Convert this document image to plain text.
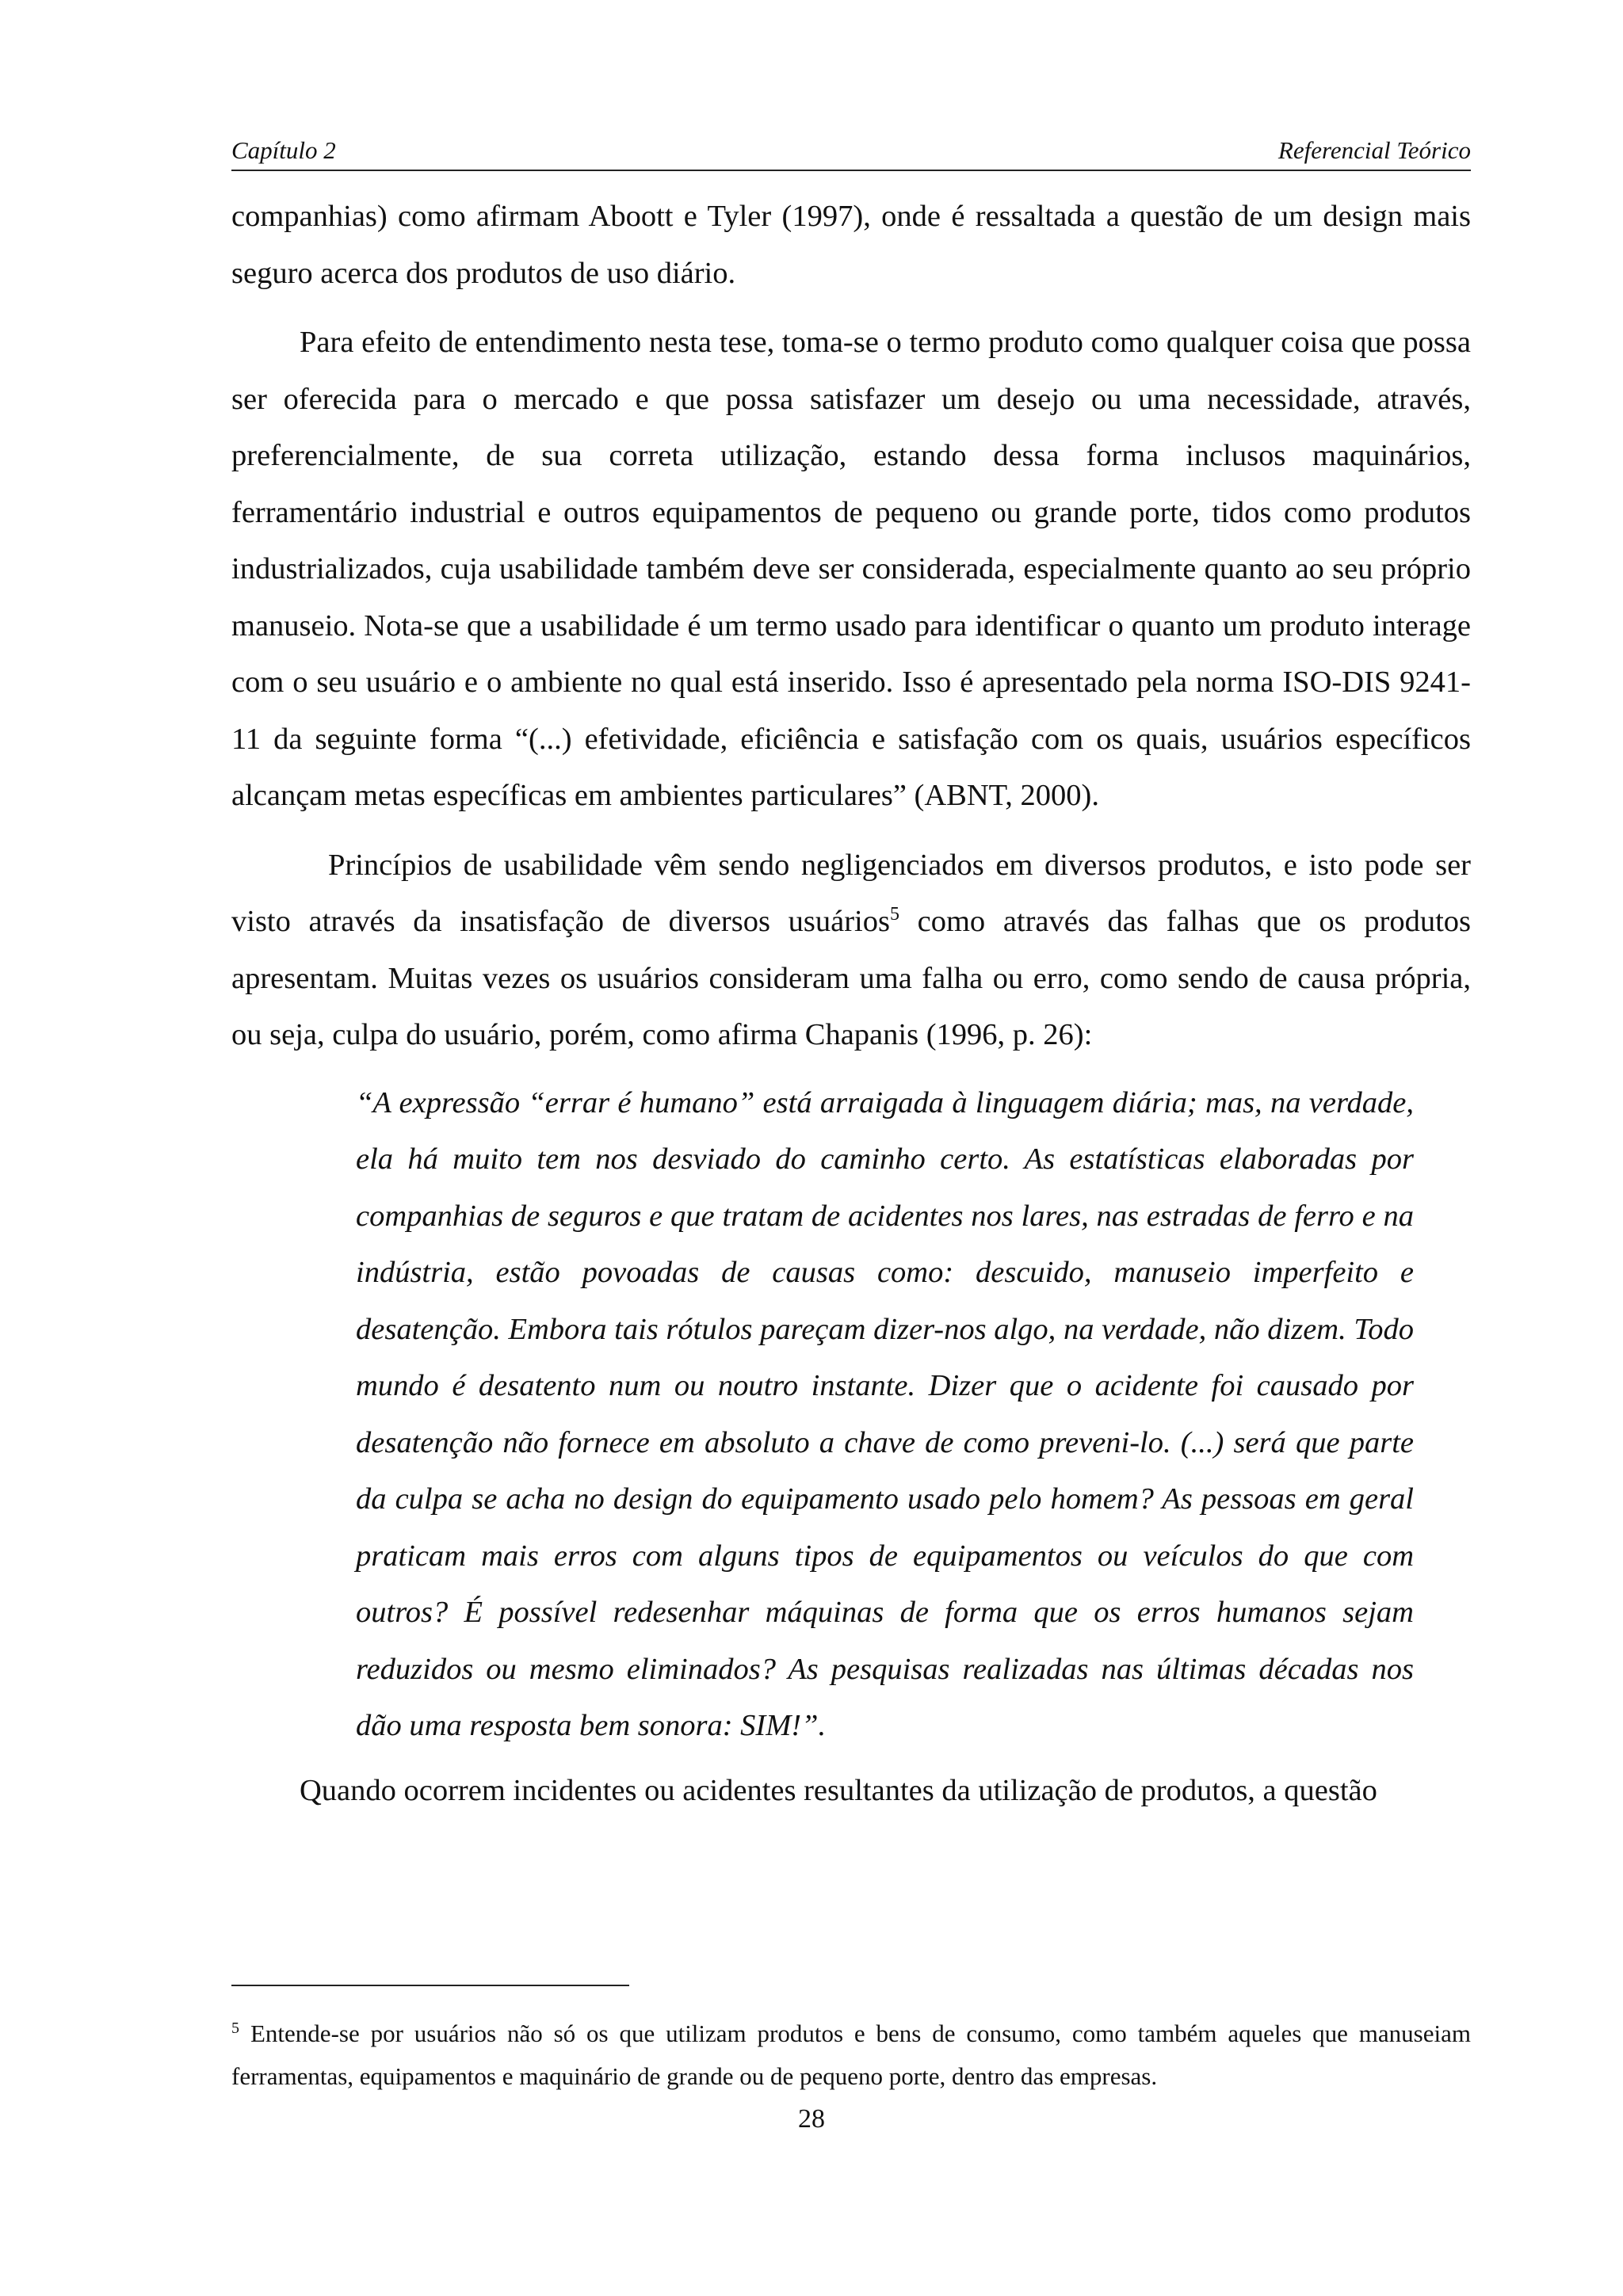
Capítulo 2	Referencial Teórico

companhias) como afirmam Aboott e Tyler (1997), onde é ressaltada a questão de um design mais seguro acerca dos produtos de uso diário.

Para efeito de entendimento nesta tese, toma-se o termo produto como qualquer coisa que possa ser oferecida para o mercado e que possa satisfazer um desejo ou uma necessidade, através, preferencialmente, de sua correta utilização, estando dessa forma inclusos maquinários, ferramentário industrial e outros equipamentos de pequeno ou grande porte, tidos como produtos industrializados, cuja usabilidade também deve ser considerada, especialmente quanto ao seu próprio manuseio. Nota-se que a usabilidade é um termo usado para identificar o quanto um produto interage com o seu usuário e o ambiente no qual está inserido. Isso é apresentado pela norma ISO-DIS 9241-11 da seguinte forma “(...) efetividade, eficiência e satisfação com os quais, usuários específicos alcançam metas específicas em ambientes particulares” (ABNT, 2000).

Princípios de usabilidade vêm sendo negligenciados em diversos produtos, e isto pode ser visto através da insatisfação de diversos usuários$^5$ como através das falhas que os produtos apresentam. Muitas vezes os usuários consideram uma falha ou erro, como sendo de causa própria, ou seja, culpa do usuário, porém, como afirma Chapanis (1996, p. 26):

“A expressão “errar é humano” está arraigada à linguagem diária; mas, na verdade, ela há muito tem nos desviado do caminho certo. As estatísticas elaboradas por companhias de seguros e que tratam de acidentes nos lares, nas estradas de ferro e na indústria, estão povoadas de causas como: descuido, manuseio imperfeito e desatenção. Embora tais rótulos pareçam dizer-nos algo, na verdade, não dizem. Todo mundo é desatento num ou noutro instante. Dizer que o acidente foi causado por desatenção não fornece em absoluto a chave de como preveni-lo. (...) será que parte da culpa se acha no design do equipamento usado pelo homem? As pessoas em geral praticam mais erros com alguns tipos de equipamentos ou veículos do que com outros? É possível redesenhar máquinas de forma que os erros humanos sejam reduzidos ou mesmo eliminados? As pesquisas realizadas nas últimas décadas nos dão uma resposta bem sonora: SIM!”.

Quando ocorrem incidentes ou acidentes resultantes da utilização de produtos, a questão

$^5$ Entende-se por usuários não só os que utilizam produtos e bens de consumo, como também aqueles que manuseiam ferramentas, equipamentos e maquinário de grande ou de pequeno porte, dentro das empresas.

28
